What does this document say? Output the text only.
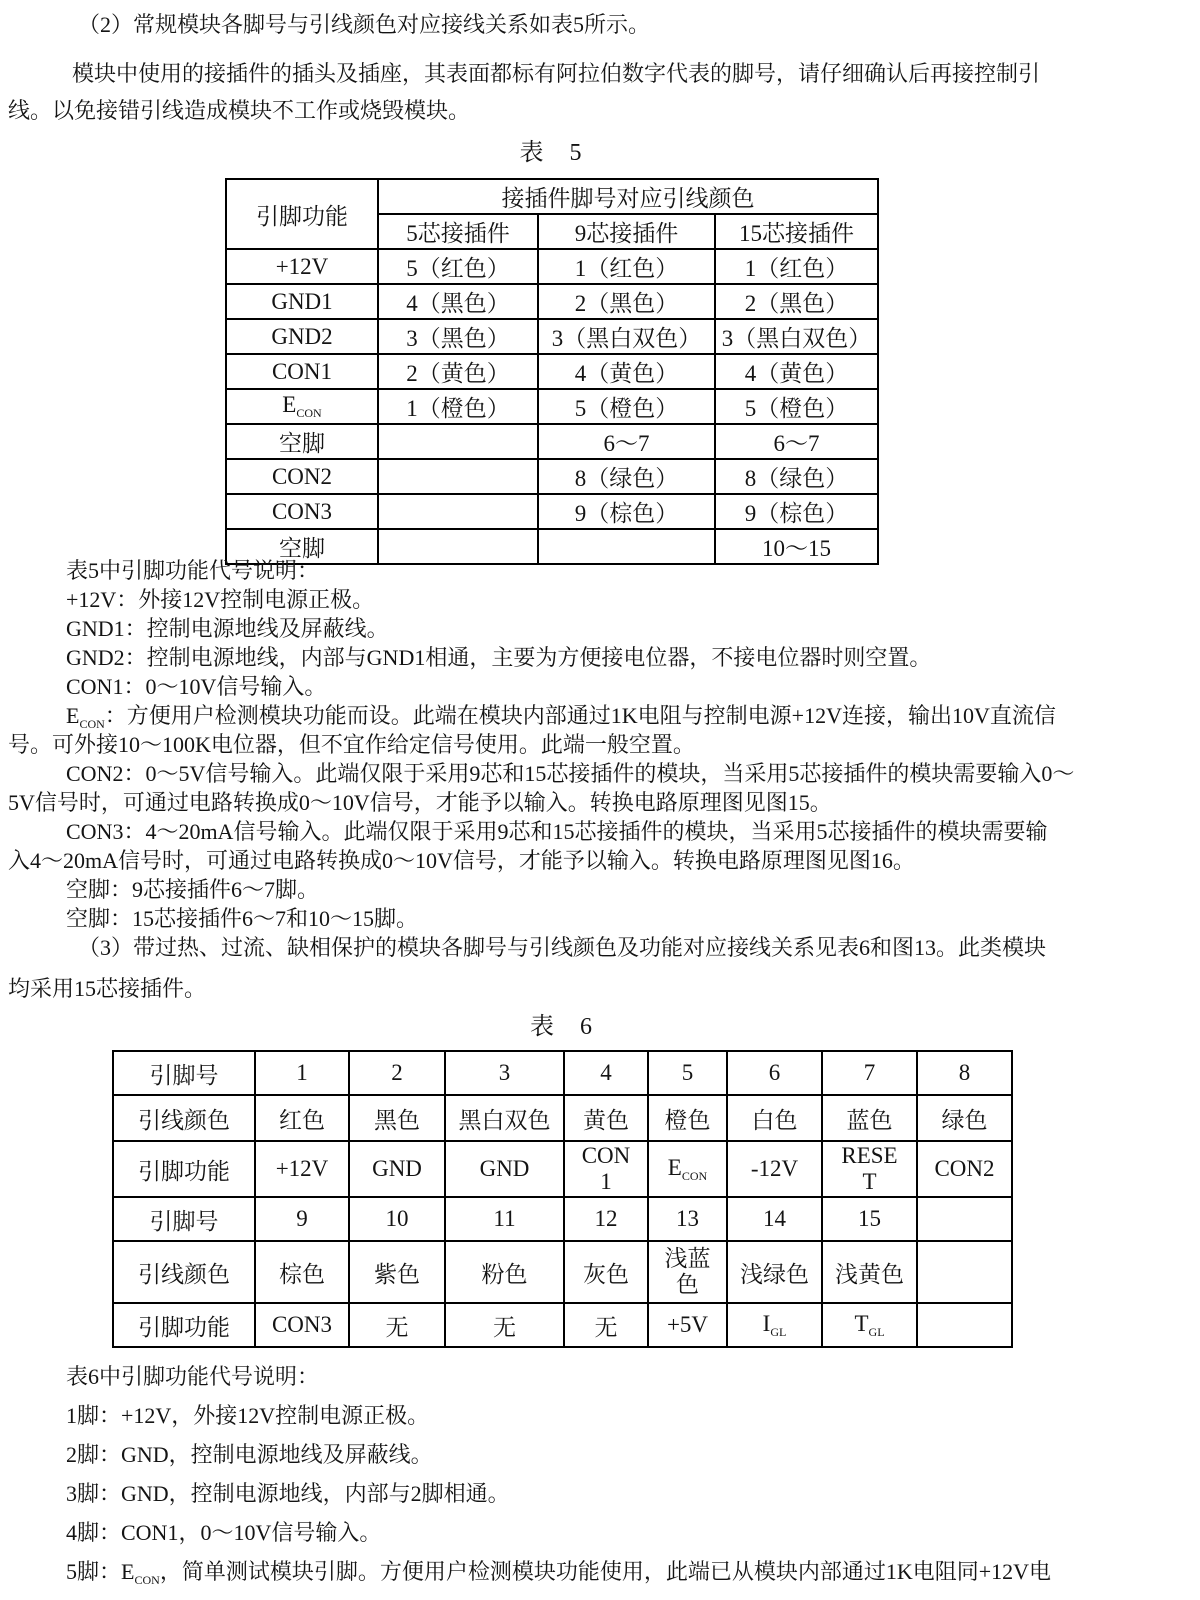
（2）常规模块各脚号与引线颜色对应接线关系如表5所示。
模块中使用的接插件的插头及插座，其表面都标有阿拉伯数字代表的脚号，请仔细确认后再接控制引
线。以免接错引线造成模块不工作或烧毁模块。
表　5
引脚功能	接插件脚号对应引线颜色		
	5芯接插件	9芯接插件	15芯接插件
+12V	5（红色）	1（红色）	1（红色）
GND1	4（黑色）	2（黑色）	2（黑色）
GND2	3（黑色）	3（黑白双色）	3（黑白双色）
CON1	2（黄色）	4（黄色）	4（黄色）
$E_{CON}$	1（橙色）	5（橙色）	5（橙色）
空脚		6～7	6～7
CON2		8（绿色）	8（绿色）
CON3		9（棕色）	9（棕色）
空脚			10～15
表5中引脚功能代号说明：
+12V：外接12V控制电源正极。
GND1：控制电源地线及屏蔽线。
GND2：控制电源地线，内部与GND1相通，主要为方便接电位器，不接电位器时则空置。
CON1：0～10V信号输入。
$E_{CON}$：方便用户检测模块功能而设。此端在模块内部通过1K电阻与控制电源+12V连接，输出10V直流信
号。可外接10～100K电位器，但不宜作给定信号使用。此端一般空置。
CON2：0～5V信号输入。此端仅限于采用9芯和15芯接插件的模块，当采用5芯接插件的模块需要输入0～
5V信号时，可通过电路转换成0～10V信号，才能予以输入。转换电路原理图见图15。
CON3：4～20mA信号输入。此端仅限于采用9芯和15芯接插件的模块，当采用5芯接插件的模块需要输
入4～20mA信号时，可通过电路转换成0～10V信号，才能予以输入。转换电路原理图见图16。
空脚：9芯接插件6～7脚。
空脚：15芯接插件6～7和10～15脚。
（3）带过热、过流、缺相保护的模块各脚号与引线颜色及功能对应接线关系见表6和图13。此类模块
均采用15芯接插件。
表　6
引脚号	1	2	3	4	5	6	7	8
引线颜色	红色	黑色	黑白双色	黄色	橙色	白色	蓝色	绿色
引脚功能	+12V	GND	GND	
CON
1
	$E_{CON}$	-12V	
RESE
T
	CON2
引脚号	9	10	11	12	13	14	15	
引线颜色	棕色	紫色	粉色	灰色	浅蓝
色	浅绿色	浅黄色	
引脚功能	CON3	无	无	无	+5V	$I_{GL}$	$T_{GL}$	
表6中引脚功能代号说明：
1脚：+12V，外接12V控制电源正极。
2脚：GND，控制电源地线及屏蔽线。
3脚：GND，控制电源地线，内部与2脚相通。
4脚：CON1，0～10V信号输入。
5脚：$E_{CON}$，简单测试模块引脚。方便用户检测模块功能使用，此端已从模块内部通过1K电阻同+12V电
